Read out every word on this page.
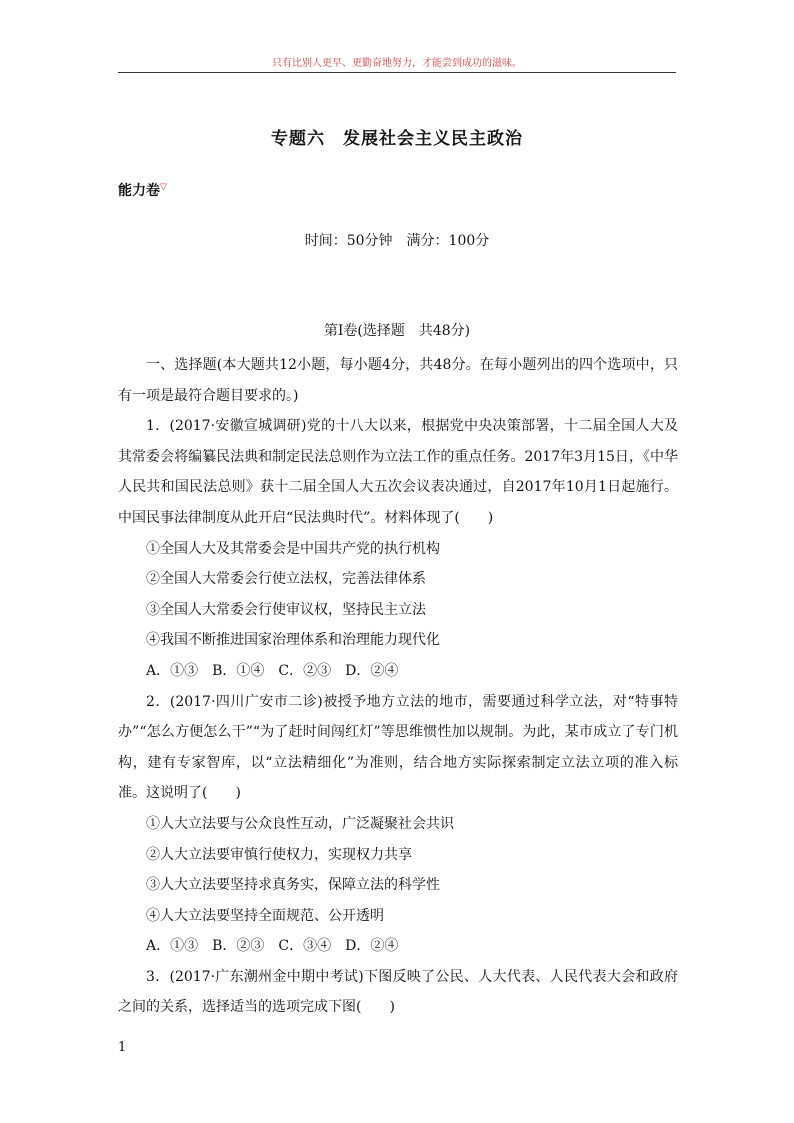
只有比别人更早、更勤奋地努力，才能尝到成功的滋味。
专题六　发展社会主义民主政治
能力卷▽
时间：50分钟　满分：100分
第Ⅰ卷(选择题　共48分)

一、选择题(本大题共12小题，每小题4分，共48分。在每小题列出的四个选项中，只有一项是最符合题目要求的。)

1．(2017·安徽宣城调研)党的十八大以来，根据党中央决策部署，十二届全国人大及其常委会将编纂民法典和制定民法总则作为立法工作的重点任务。2017年3月15日，《中华人民共和国民法总则》获十二届全国人大五次会议表决通过，自2017年10月1日起施行。中国民事法律制度从此开启“民法典时代”。材料体现了(　　)

①全国人大及其常委会是中国共产党的执行机构

②全国人大常委会行使立法权，完善法律体系

③全国人大常委会行使审议权，坚持民主立法

④我国不断推进国家治理体系和治理能力现代化

A．①③　B．①④　C．②③　D．②④

2．(2017·四川广安市二诊)被授予地方立法的地市，需要通过科学立法，对“特事特办”“怎么方便怎么干”“为了赶时间闯红灯”等思维惯性加以规制。为此，某市成立了专门机构，建有专家智库，以“立法精细化”为准则，结合地方实际探索制定立法立项的准入标准。这说明了(　　)

①人大立法要与公众良性互动，广泛凝聚社会共识

②人大立法要审慎行使权力，实现权力共享

③人大立法要坚持求真务实，保障立法的科学性

④人大立法要坚持全面规范、公开透明

A．①③　B．②③　C．③④　D．②④

3．(2017·广东潮州金中期中考试)下图反映了公民、人大代表、人民代表大会和政府之间的关系，选择适当的选项完成下图(　　)

1
